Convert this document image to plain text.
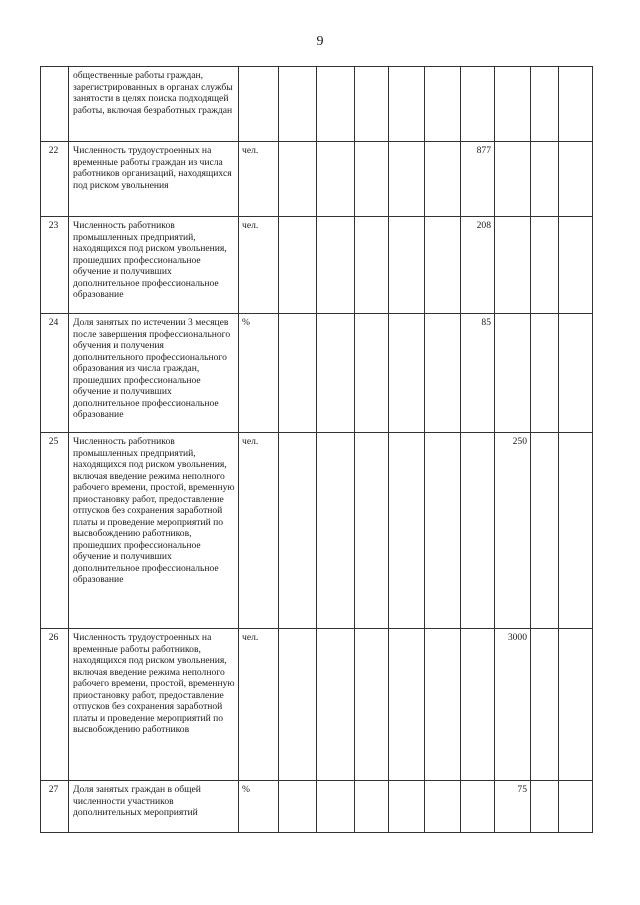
9
	общественные работы граждан, зарегистрированных в органах службы занятости в целях поиска подходящей работы, включая безработных граждан										
22	Численность трудоустроенных на временные работы граждан из числа работников организаций, находящихся под риском увольнения	чел.						877			
23	Численность работников промышленных предприятий, находящихся под риском увольнения, прошедших профессиональное обучение и получивших дополнительное профессиональное образование	чел.						208			
24	Доля занятых по истечении 3 месяцев после завершения профессионального обучения и получения дополнительного профессионального образования из числа граждан, прошедших профессиональное обучение и получивших дополнительное профессиональное образование	%						85			
25	Численность работников промышленных предприятий, находящихся под риском увольнения, включая введение режима неполного рабочего времени, простой, временную приостановку работ, предоставление отпусков без сохранения заработной платы и проведение мероприятий по высвобождению работников, прошедших профессиональное обучение и получивших дополнительное профессиональное образование	чел.							250		
26	Численность трудоустроенных на временные работы работников, находящихся под риском увольнения, включая введение режима неполного рабочего времени, простой, временную приостановку работ, предоставление отпусков без сохранения заработной платы и проведение мероприятий по высвобождению работников	чел.							3000		
27	Доля занятых граждан в общей численности участников дополнительных мероприятий	%							75		
